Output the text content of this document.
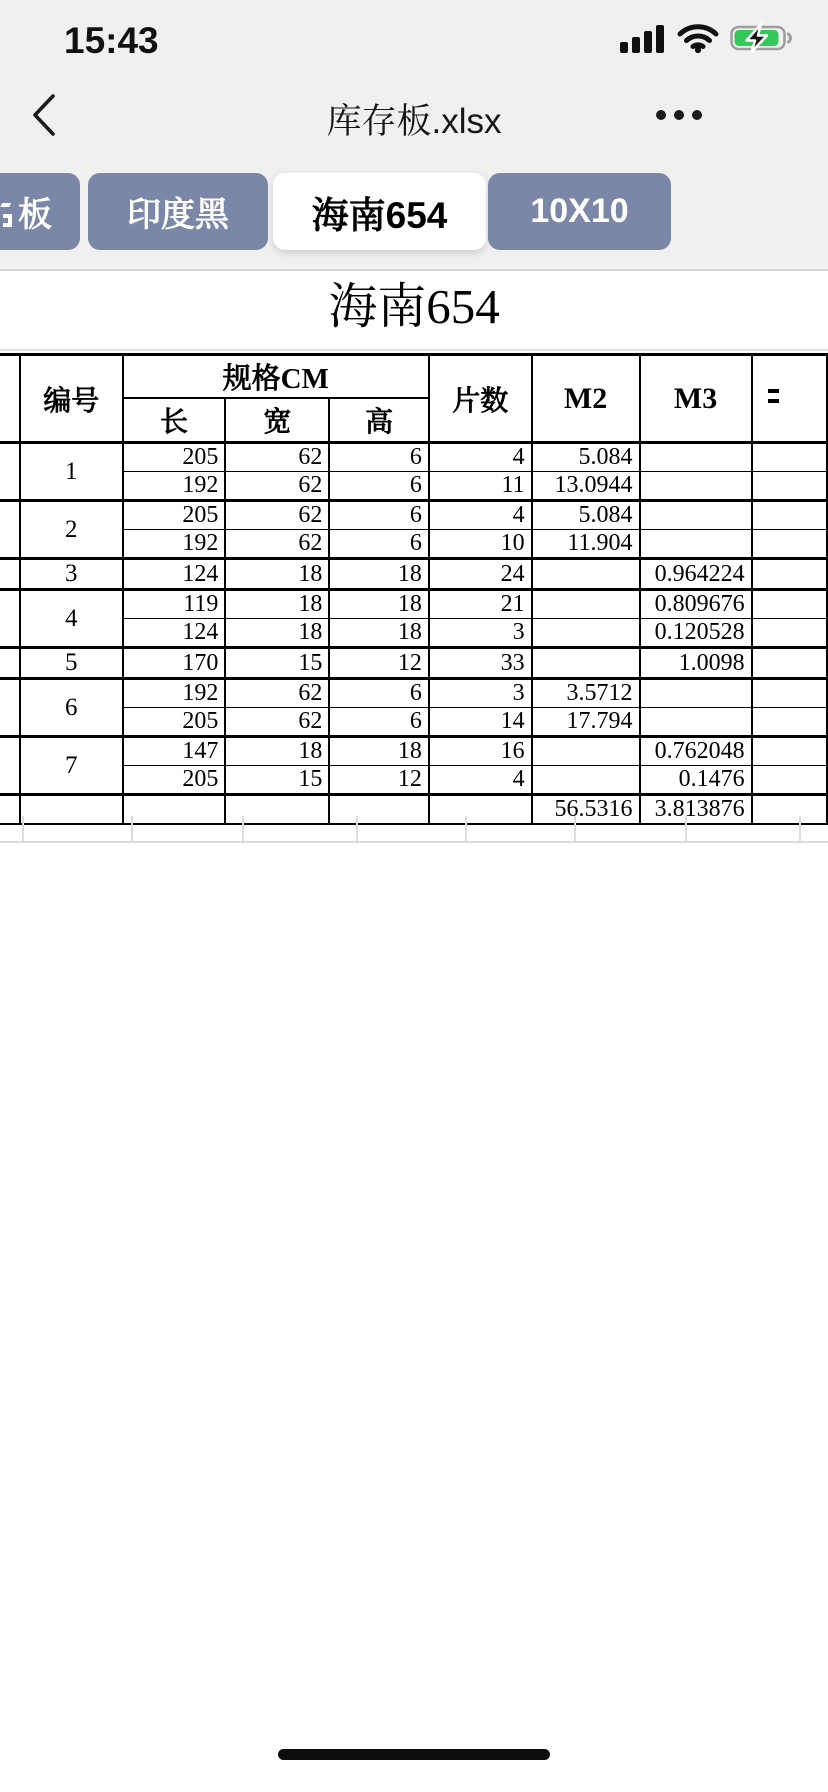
15:43
库存板.xlsx
板 印度黑 海南654 10X10
海南654
	编号	规格CM			片数	M2	M3	

		长	宽	高				
	1	205	62	6	4	5.084		
		192	62	6	11	13.0944		
	2	205	62	6	4	5.084		
		192	62	6	10	11.904		
	3	124	18	18	24		0.964224	
	4	119	18	18	21		0.809676	
		124	18	18	3		0.120528	
	5	170	15	12	33		1.0098	
	6	192	62	6	3	3.5712		
		205	62	6	14	17.794		
	7	147	18	18	16		0.762048	
		205	15	12	4		0.1476	
						56.5316	3.813876	
